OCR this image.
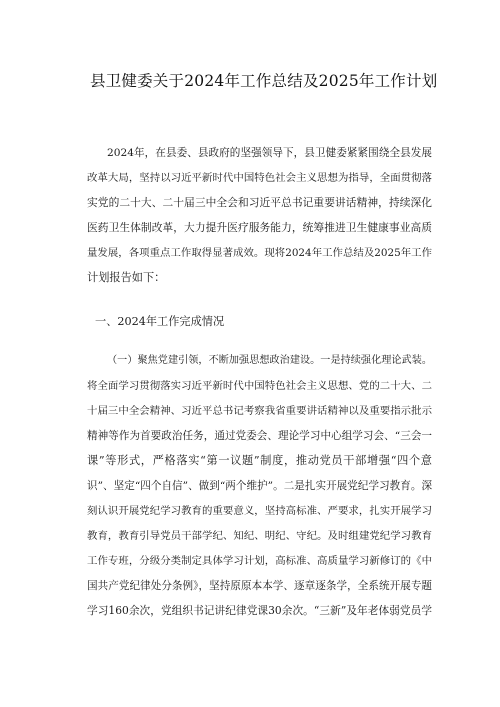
县卫健委关于2024年工作总结及2025年工作计划
2024年，在县委、县政府的坚强领导下，县卫健委紧紧围绕全县发展
改革大局，坚持以习近平新时代中国特色社会主义思想为指导，全面贯彻落
实党的二十大、二十届三中全会和习近平总书记重要讲话精神，持续深化
医药卫生体制改革，大力提升医疗服务能力，统筹推进卫生健康事业高质
量发展，各项重点工作取得显著成效。现将2024年工作总结及2025年工作
计划报告如下：
一、2024年工作完成情况
（一）聚焦党建引领，不断加强思想政治建设。一是持续强化理论武装。
将全面学习贯彻落实习近平新时代中国特色社会主义思想、党的二十大、二
十届三中全会精神、习近平总书记考察我省重要讲话精神以及重要指示批示
精神等作为首要政治任务，通过党委会、理论学习中心组学习会、“三会一
课”等形式，严格落实“第一议题”制度，推动党员干部增强“四个意
识”、坚定“四个自信”、做到“两个维护”。二是扎实开展党纪学习教育。深
刻认识开展党纪学习教育的重要意义，坚持高标准、严要求，扎实开展学习
教育，教育引导党员干部学纪、知纪、明纪、守纪。及时组建党纪学习教育
工作专班，分级分类制定具体学习计划，高标准、高质量学习新修订的《中
国共产党纪律处分条例》，坚持原原本本学、逐章逐条学，全系统开展专题
学习160余次，党组织书记讲纪律党课30余次。“三新”及年老体弱党员学
